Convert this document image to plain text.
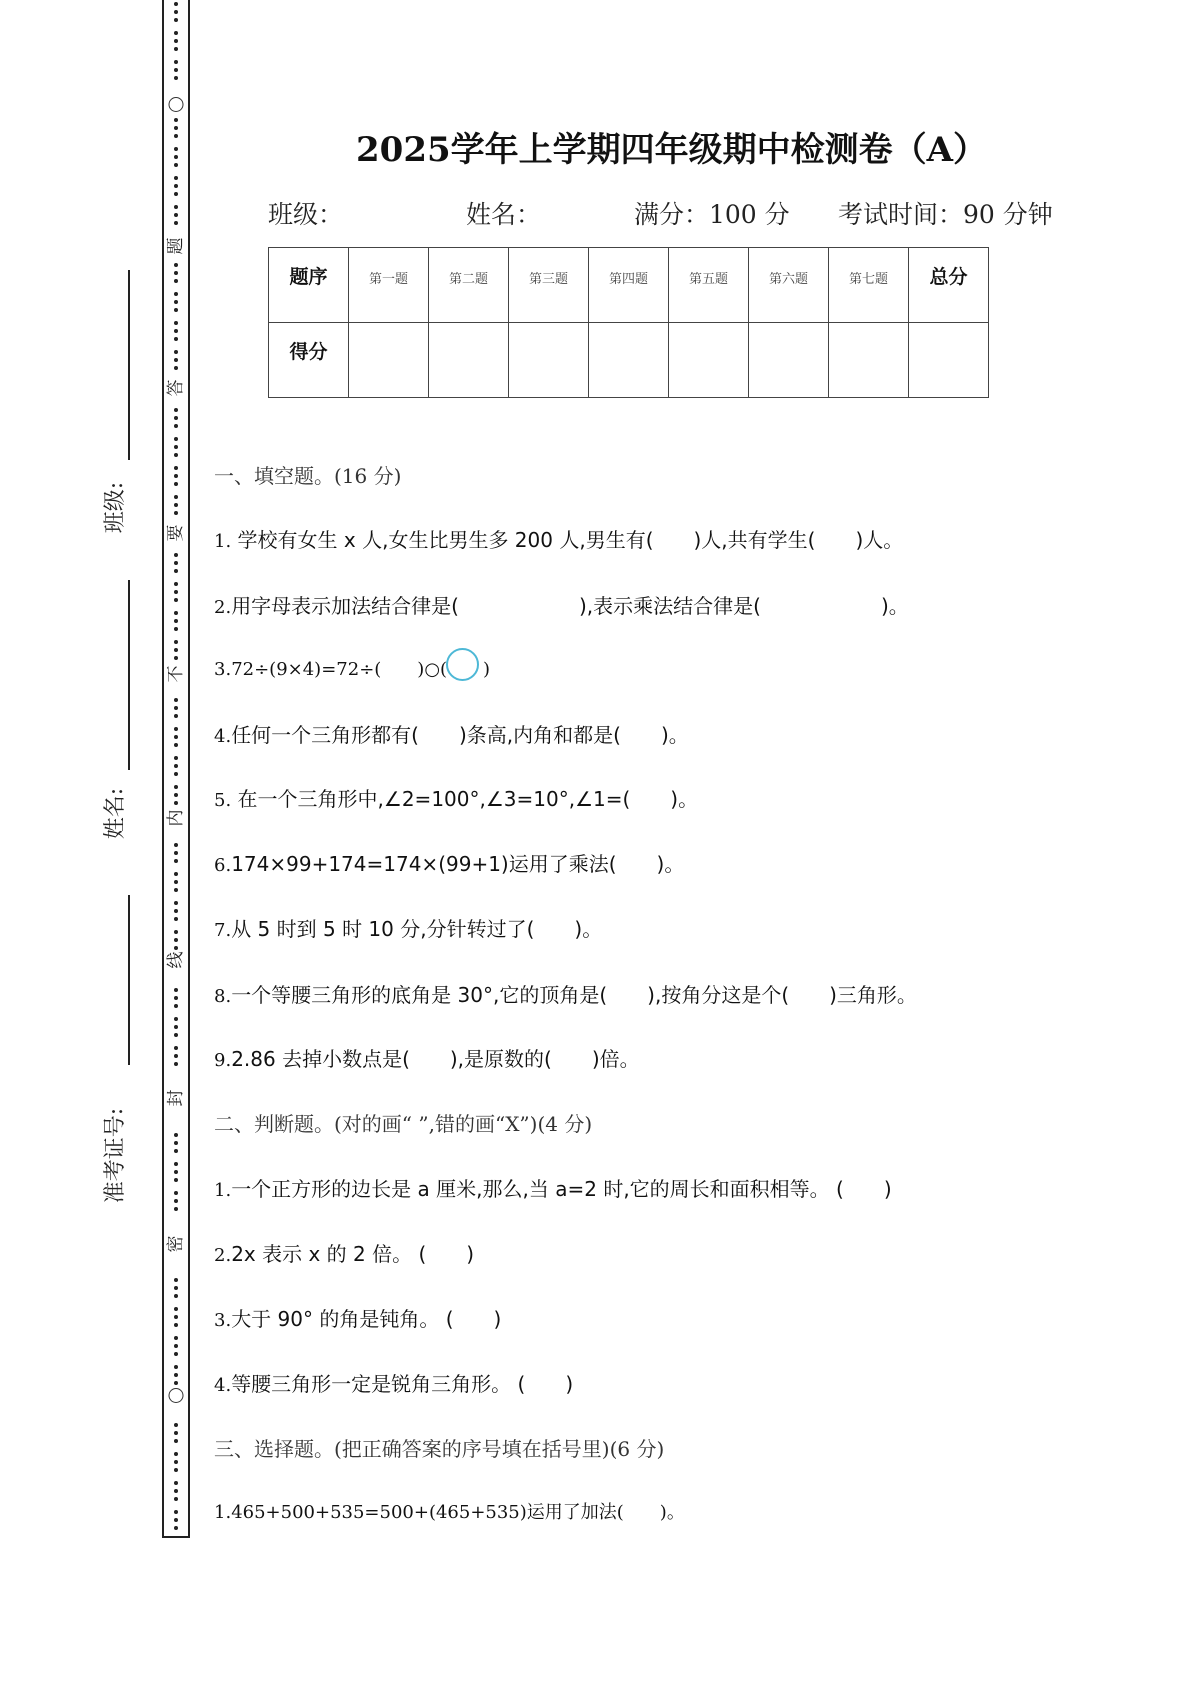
题
答
要
不
内
线
封
密
班级:
姓名:
准考证号:
2025学年上学期四年级期中检测卷（A）
班级：	姓名：	满分：100 分 考试时间：90 分钟
题序	第一题	第二题	第三题	第四题	第五题	第六题	第七题	总分
得分								
一、填空题。(16 分)
1. 学校有女生 x 人,女生比男生多 200 人,男生有(　　)人,共有学生(　　)人。
2.用字母表示加法结合律是(　　　　　　),表示乘法结合律是(　　　　　　)。
3.72÷(9×4)=72÷(　　)○(　　)
4.任何一个三角形都有(　　)条高,内角和都是(　　)。
5. 在一个三角形中,∠2=100°,∠3=10°,∠1=(　　)。
6.174×99+174=174×(99+1)运用了乘法(　　)。
7.从 5 时到 5 时 10 分,分针转过了(　　)。
8.一个等腰三角形的底角是 30°,它的顶角是(　　),按角分这是个(　　)三角形。
9.2.86 去掉小数点是(　　),是原数的(　　)倍。
二、判断题。(对的画“ ”,错的画“X”)(4 分)
1.一个正方形的边长是 a 厘米,那么,当 a=2 时,它的周长和面积相等。 (　　)
2.2x 表示 x 的 2 倍。 (　　)
3.大于 90° 的角是钝角。 (　　)
4.等腰三角形一定是锐角三角形。 (　　)
三、选择题。(把正确答案的序号填在括号里)(6 分)
1.465+500+535=500+(465+535)运用了加法(　　)。
